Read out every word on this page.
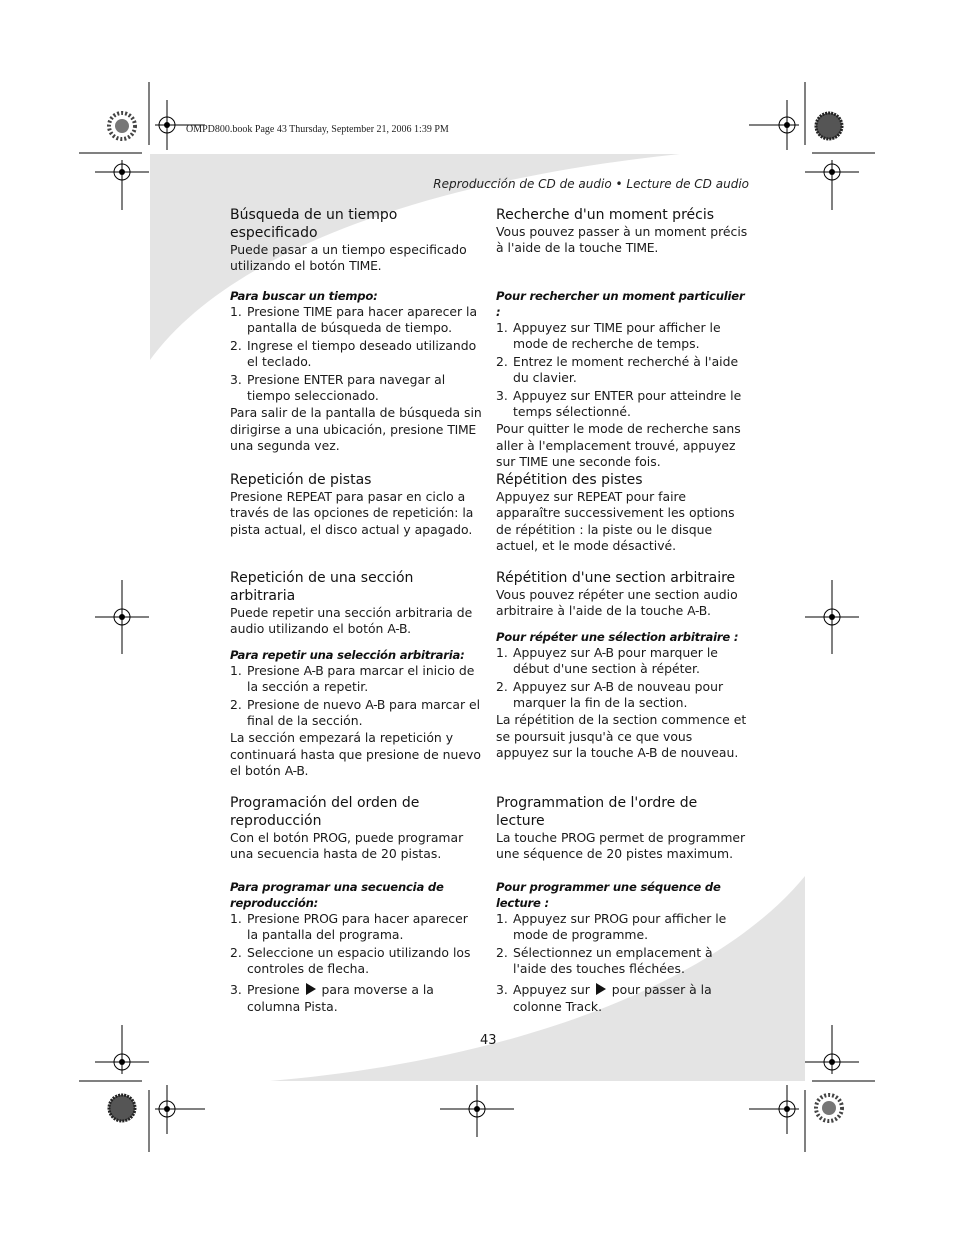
OMPD800.book Page 43 Thursday, September 21, 2006 1:39 PM
Reproducción de CD de audio • Lecture de CD audio
Búsqueda de un tiempo especificado

Puede pasar a un tiempo especificado utilizando el botón TIME.

Para buscar un tiempo:
1. Presione TIME para hacer aparecer la pantalla de búsqueda de tiempo.
2. Ingrese el tiempo deseado utilizando el teclado.
3. Presione ENTER para navegar al tiempo seleccionado.

Para salir de la pantalla de búsqueda sin dirigirse a una ubicación, presione TIME una segunda vez.

Repetición de pistas

Presione REPEAT para pasar en ciclo a través de las opciones de repetición: la pista actual, el disco actual y apagado.

Repetición de una sección arbitraria

Puede repetir una sección arbitraria de audio utilizando el botón A-B.

Para repetir una selección arbitraria:
1. Presione A-B para marcar el inicio de la sección a repetir.
2. Presione de nuevo A-B para marcar el final de la sección.

La sección empezará la repetición y continuará hasta que presione de nuevo el botón A-B.

Programación del orden de reproducción

Con el botón PROG, puede programar una secuencia hasta de 20 pistas.

Para programar una secuencia de reproducción:
1. Presione PROG para hacer aparecer la pantalla del programa.
2. Seleccione un espacio utilizando los controles de flecha.
3. Presione  para moverse a la columna Pista.
Recherche d'un moment précis

Vous pouvez passer à un moment précis à l'aide de la touche TIME.

Pour rechercher un moment particulier :
1. Appuyez sur TIME pour afficher le mode de recherche de temps.
2. Entrez le moment recherché à l'aide du clavier.
3. Appuyez sur ENTER pour atteindre le temps sélectionné.

Pour quitter le mode de recherche sans aller à l'emplacement trouvé, appuyez sur TIME une seconde fois.

Répétition des pistes

Appuyez sur REPEAT pour faire apparaître successivement les options de répétition : la piste ou le disque actuel, et le mode désactivé.

Répétition d'une section arbitraire

Vous pouvez répéter une section audio arbitraire à l'aide de la touche A-B.

Pour répéter une sélection arbitraire :
1. Appuyez sur A-B pour marquer le début d'une section à répéter.
2. Appuyez sur A-B de nouveau pour marquer la fin de la section.

La répétition de la section commence et se poursuit jusqu'à ce que vous appuyez sur la touche A-B de nouveau.

Programmation de l'ordre de lecture

La touche PROG permet de programmer une séquence de 20 pistes maximum.

Pour programmer une séquence de lecture :
1. Appuyez sur PROG pour afficher le mode de programme.
2. Sélectionnez un emplacement à l'aide des touches fléchées.
3. Appuyez sur  pour passer à la colonne Track.
43
